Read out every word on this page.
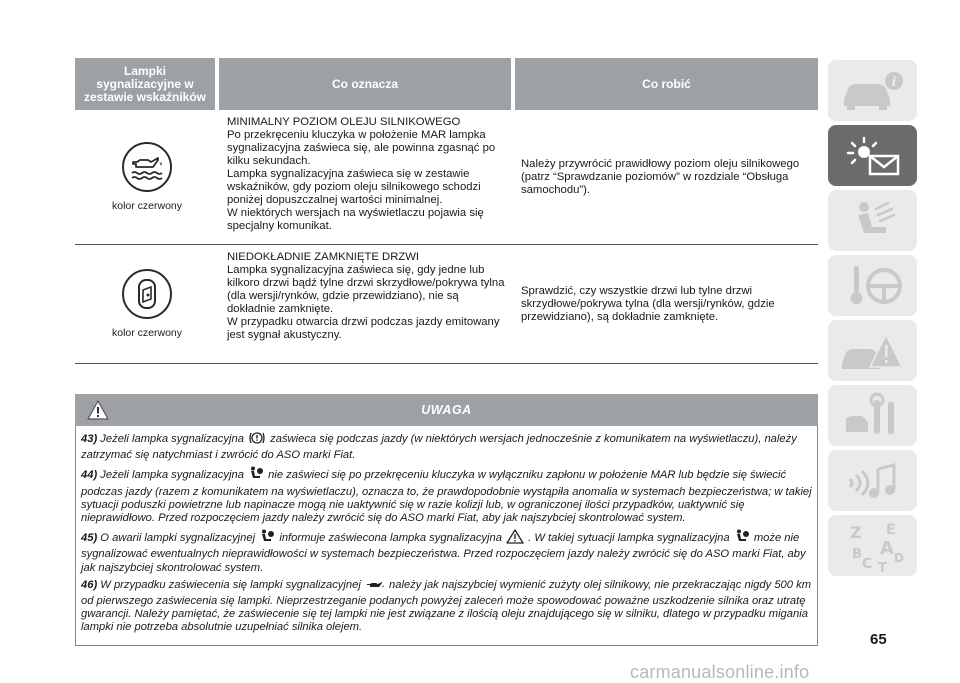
Lampki sygnalizacyjne w zestawie wskaźników
Co oznacza	Co robić
kolor czerwony

MINIMALNY POZIOM OLEJU SILNIKOWEGO

Po przekręceniu kluczyka w położenie MAR lampka sygnalizacyjna zaświeca się, ale powinna zgasnąć po kilku sekundach.

Lampka sygnalizacyjna zaświeca się w zestawie wskaźników, gdy poziom oleju silnikowego schodzi poniżej dopuszczalnej wartości minimalnej.

W niektórych wersjach na wyświetlaczu pojawia się specjalny komunikat.

Należy przywrócić prawidłowy poziom oleju silnikowego (patrz “Sprawdzanie poziomów” w rozdziale “Obsługa samochodu”).
kolor czerwony

NIEDOKŁADNIE ZAMKNIĘTE DRZWI

Lampka sygnalizacyjna zaświeca się, gdy jedne lub kilkoro drzwi bądź tylne drzwi skrzydłowe/pokrywa tylna (dla wersji/rynków, gdzie przewidziano), nie są dokładnie zamknięte.

W przypadku otwarcia drzwi podczas jazdy emitowany jest sygnał akustyczny.

Sprawdzić, czy wszystkie drzwi lub tylne drzwi skrzydłowe/pokrywa tylna (dla wersji/rynków, gdzie przewidziano), są dokładnie zamknięte.
UWAGA

43) Jeżeli lampka sygnalizacyjna zaświeca się podczas jazdy (w niektórych wersjach jednocześnie z komunikatem na wyświetlaczu), należy zatrzymać się natychmiast i zwrócić do ASO marki Fiat.

44) Jeżeli lampka sygnalizacyjna nie zaświeci się po przekręceniu kluczyka w wyłączniku zapłonu w położenie MAR lub będzie się świecić podczas jazdy (razem z komunikatem na wyświetlaczu), oznacza to, że prawdopodobnie wystąpiła anomalia w systemach bezpieczeństwa; w takiej sytuacji poduszki powietrzne lub napinacze mogą nie uaktywnić się w razie kolizji lub, w ograniczonej ilości przypadków, uaktywnić się nieprawidłowo. Przed rozpoczęciem jazdy należy zwrócić się do ASO marki Fiat, aby jak najszybciej skontrolować system.

45) O awarii lampki sygnalizacyjnej informuje zaświecona lampka sygnalizacyjna . W takiej sytuacji lampka sygnalizacyjna może nie sygnalizować ewentualnych nieprawidłowości w systemach bezpieczeństwa. Przed rozpoczęciem jazdy należy zwrócić się do ASO marki Fiat, aby jak najszybciej skontrolować system.

46) W przypadku zaświecenia się lampki sygnalizacyjnej	należy jak najszybciej wymienić zużyty olej silnikowy, nie przekraczając nigdy 500 km od pierwszego zaświecenia się lampki. Nieprzestrzeganie podanych powyżej zaleceń może spowodować poważne uszkodzenie silnika oraz utratę gwarancji. Należy pamiętać, że zaświecenie się tej lampki nie jest związane z ilością oleju znajdującego się w silniku, dlatego w przypadku migania lampki nie potrzeba absolutnie uzupełniać silnika olejem.

i
Z E
B A
C D
T
65
carmanualsonline.info
